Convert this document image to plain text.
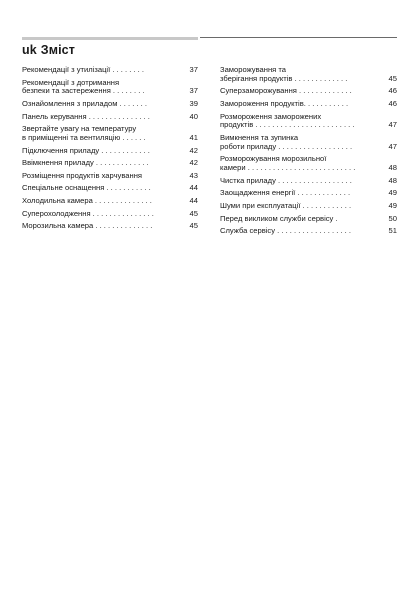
uk Зміст
Рекомендації з утилізації . . . . . . . .	37
Рекомендації з дотримання
безпеки та застереження . . . . . . . .	37
Ознайомлення з приладом . . . . . . .	39
Панель керування . . . . . . . . . . . . . . .	40
Звертайте увагу на температуру
в приміщенні та вентиляцію . . . . . .	41
Підключення приладу . . . . . . . . . . . .	42
Ввімкнення приладу . . . . . . . . . . . . .	42
Розміщення продуктів харчування	43
Спеціальне оснащення . . . . . . . . . . .	44
Холодильна камера . . . . . . . . . . . . . .	44
Суперохолодження . . . . . . . . . . . . . . .	45
Морозильна камера . . . . . . . . . . . . . .	45
Заморожування та
зберігання продуктів . . . . . . . . . . . . .	45
Суперзаморожування . . . . . . . . . . . . .	46
Замороження продуктів. . . . . . . . . . .	46
Розмороження заморожених
продуктів . . . . . . . . . . . . . . . . . . . . . . . .	47
Вимкнення та зупинка
роботи приладу . . . . . . . . . . . . . . . . . .	47
Розморожування морозильної
камери . . . . . . . . . . . . . . . . . . . . . . . . . .	48
Чистка приладу . . . . . . . . . . . . . . . . . .	48
Заощадження енергії . . . . . . . . . . . . .	49
Шуми при експлуатації . . . . . . . . . . . .	49
Перед викликом служби сервісу .	50
Служба сервісу . . . . . . . . . . . . . . . . . .	51
